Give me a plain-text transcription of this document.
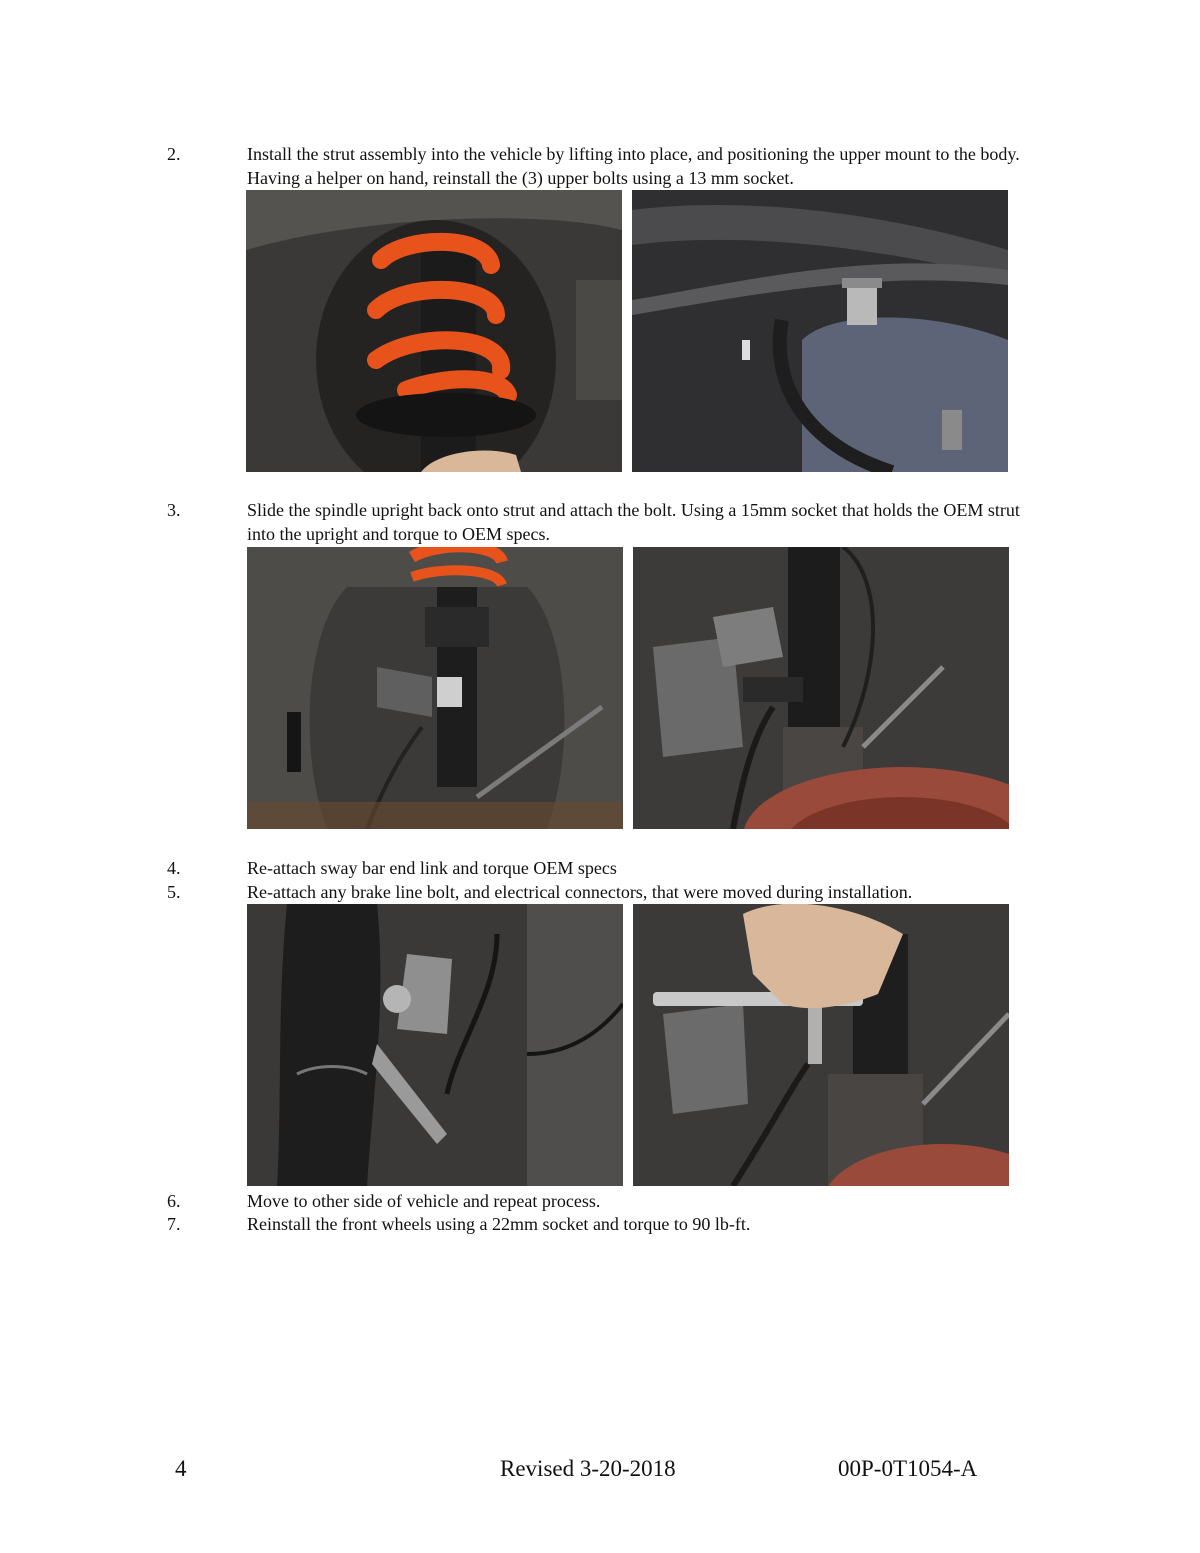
2.	Install the strut assembly into the vehicle by lifting into place, and positioning the upper mount to the body. Having a helper on hand, reinstall the (3) upper bolts using a 13 mm socket.
3.	Slide the spindle upright back onto strut and attach the bolt. Using a 15mm socket that holds the OEM strut into the upright and torque to OEM specs.
4.	Re-attach sway bar end link and torque OEM specs
5.	Re-attach any brake line bolt, and electrical connectors, that were moved during installation.
6.	Move to other side of vehicle and repeat process.
7.	Reinstall the front wheels using a 22mm socket and torque to 90 lb-ft.
4	Revised 3-20-2018	00P-0T1054-A
